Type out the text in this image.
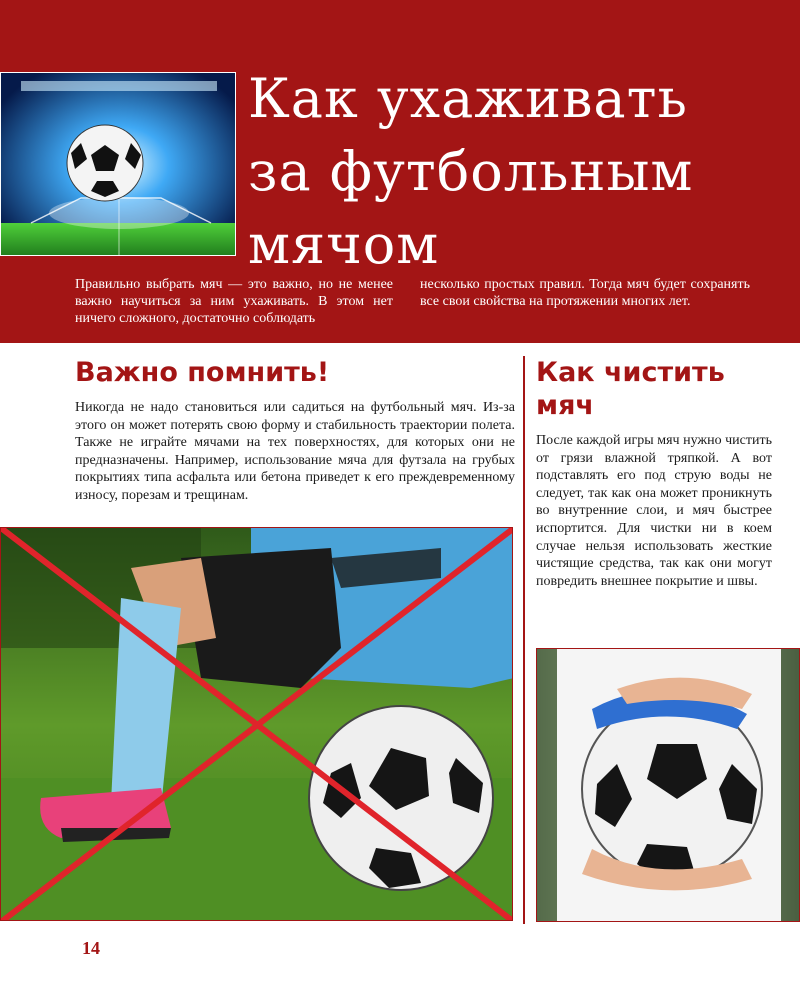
Как ухаживать
за футбольным
мячом

Правильно выбрать мяч — это важно, но не менее важно научиться за ним ухаживать. В этом нет ничего сложного, достаточно соблюдать

несколько простых правил. Тогда мяч будет сохранять все свои свойства на протяжении многих лет.

Важно помнить!

Никогда не надо становиться или садиться на футбольный мяч. Из-за этого он может потерять свою форму и стабильность траектории полета. Также не играйте мячами на тех поверхностях, для которых они не предназначены. Например, использование мяча для футзала на грубых покрытиях типа асфальта или бетона приведет к его преждевременному износу, порезам и трещинам.

Как чистить мяч

После каждой игры мяч нужно чистить от грязи влажной тряпкой. А вот подставлять его под струю воды не следует, так как она может проникнуть во внутренние слои, и мяч быстрее испортится. Для чистки ни в коем случае нельзя использовать жесткие чистящие средства, так как они могут повредить внешнее покрытие и швы.

14
